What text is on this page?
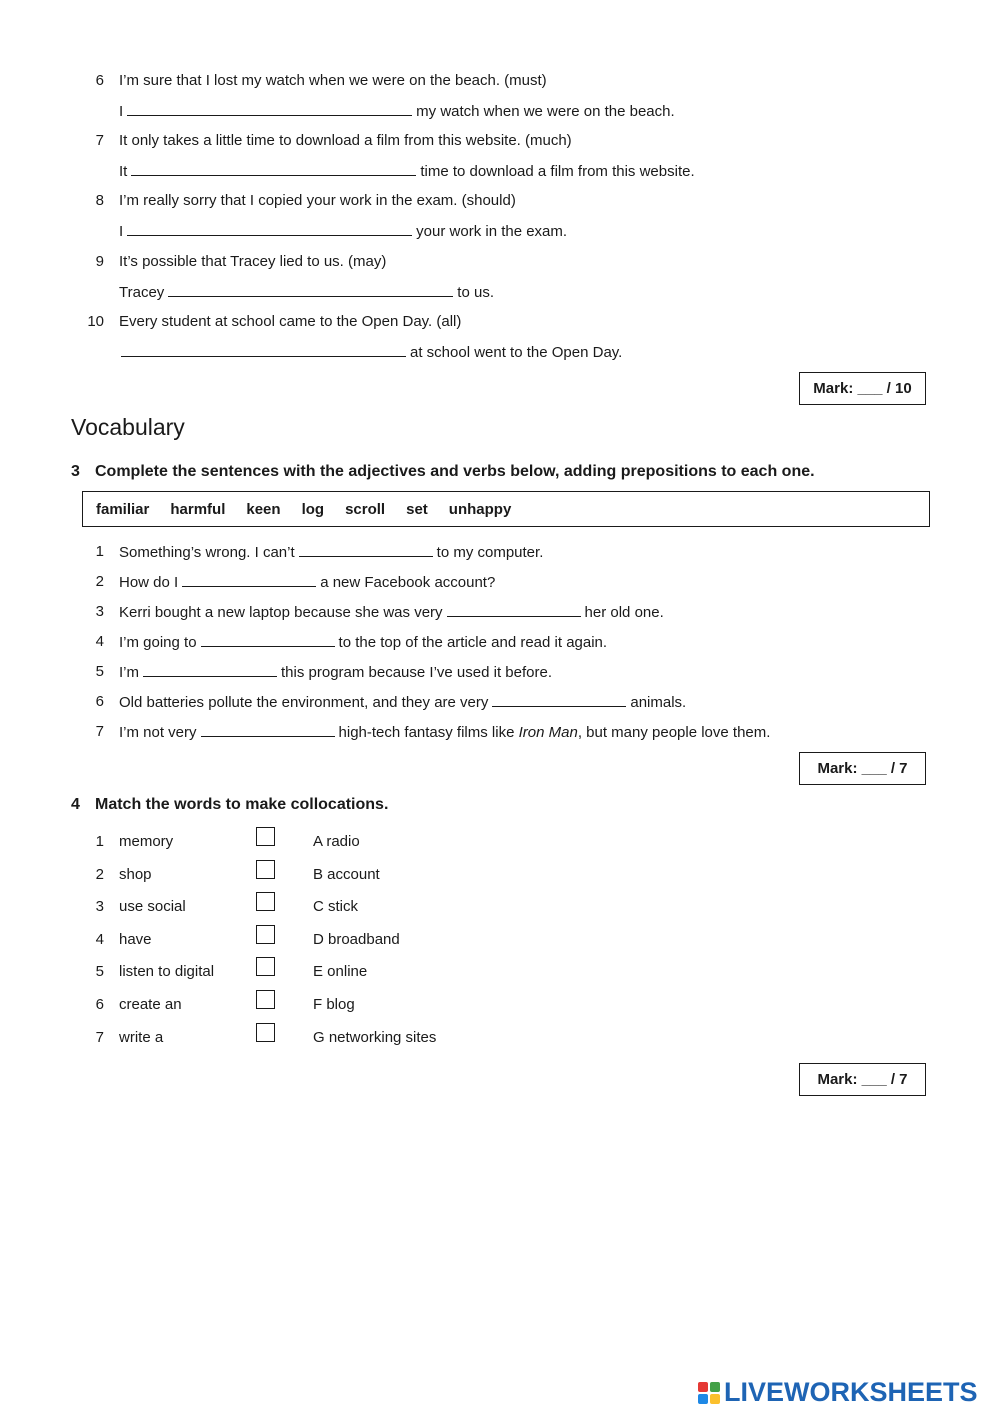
6 I’m sure that I lost my watch when we were on the beach. (must)
I	my watch when we were on the beach.
7 It only takes a little time to download a film from this website. (much)
It	time to download a film from this website.
8 I’m really sorry that I copied your work in the exam. (should)
I	your work in the exam.
9 It’s possible that Tracey lied to us. (may)
Tracey	to us.
10 Every student at school came to the Open Day. (all)
at school went to the Open Day.
Mark: ___ / 10
Vocabulary
3 Complete the sentences with the adjectives and verbs below, adding prepositions to each one.
familiar harmful keen log scroll set unhappy
1 Something’s wrong. I can’t	to my computer.
2 How do I	a new Facebook account?
3 Kerri bought a new laptop because she was very	her old one.
4 I’m going to	to the top of the article and read it again.
5 I’m	this program because I’ve used it before.
6 Old batteries pollute the environment, and they are very	animals.
7 I’m not very	high-tech fantasy films like Iron Man, but many people love them.
Mark: ___ / 7
4 Match the words to make collocations.
1 memory	A radio
2 shop	B account
3 use social	C stick
4 have	D broadband
5 listen to digital	E online
6 create an	F blog
7 write a	G networking sites
Mark: ___ / 7
LIVEWORKSHEETS
